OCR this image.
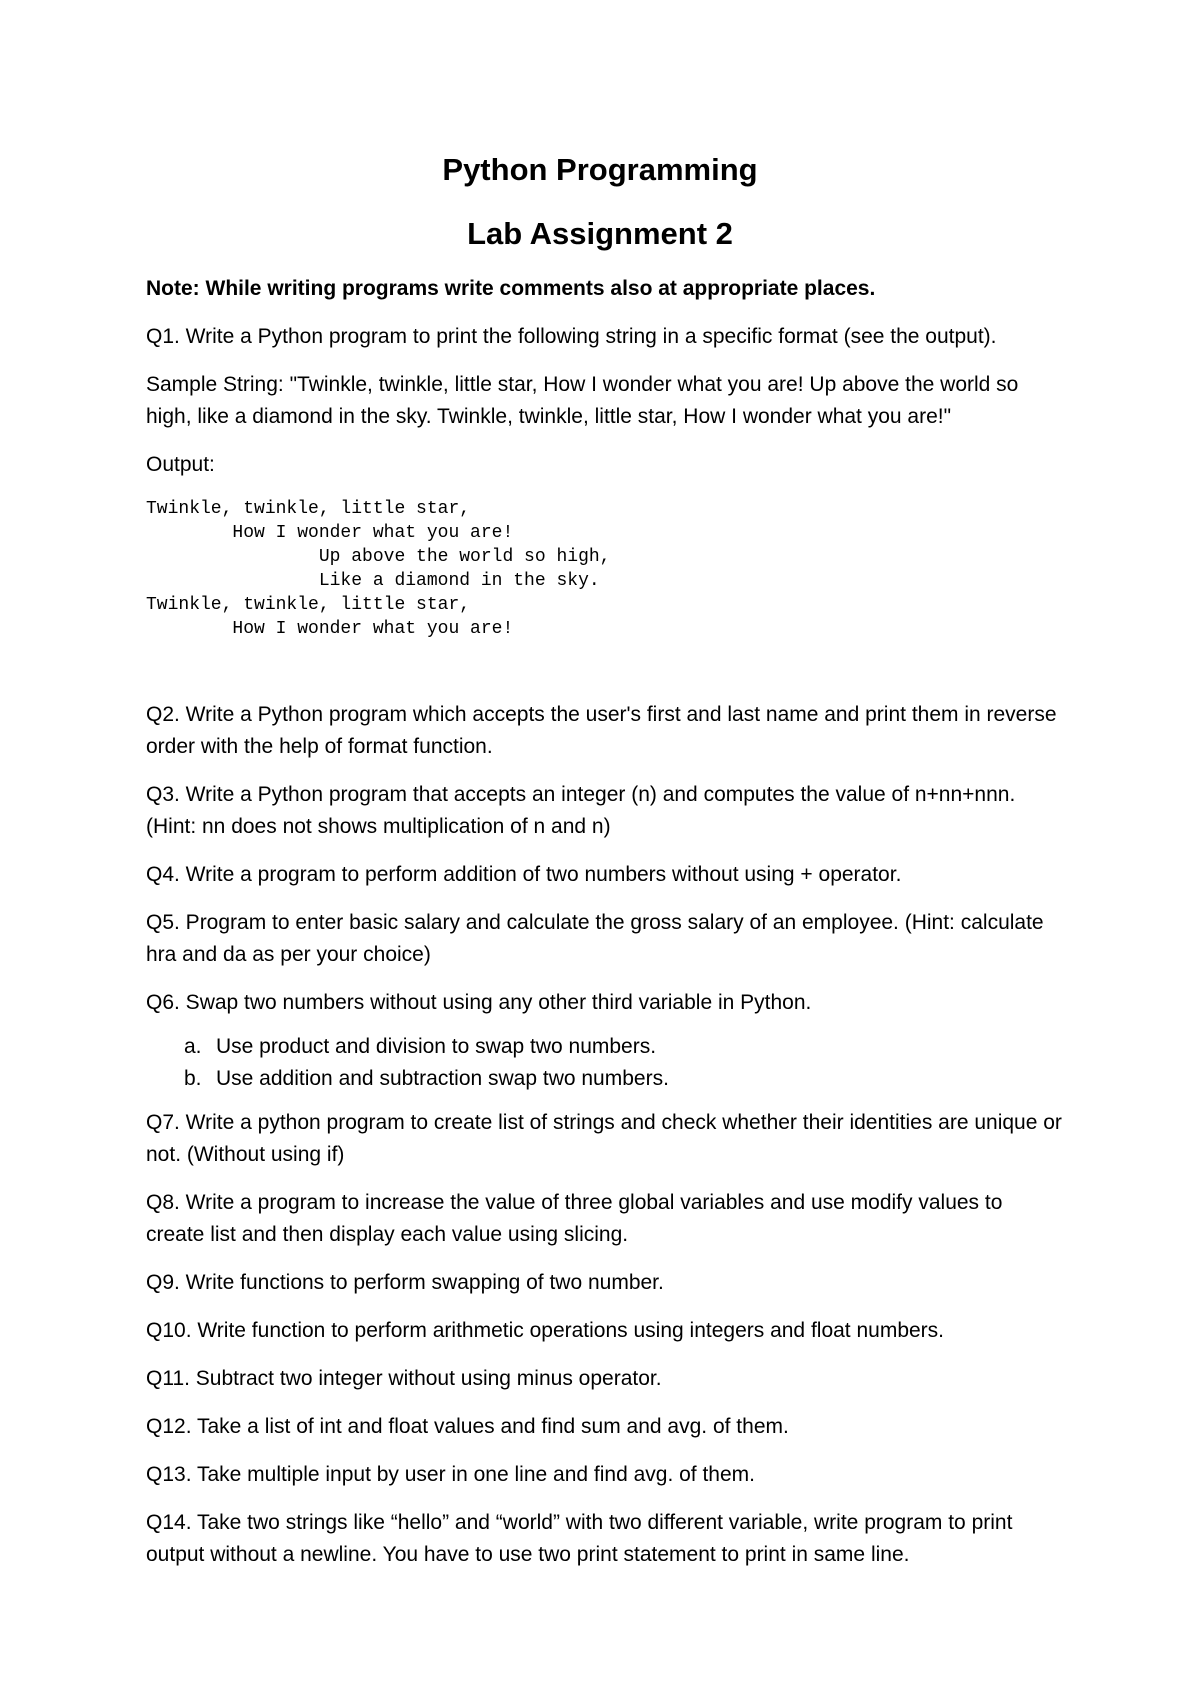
Python Programming
Lab Assignment 2

Note: While writing programs write comments also at appropriate places.

Q1. Write a Python program to print the following string in a specific format (see the output).

Sample String: "Twinkle, twinkle, little star, How I wonder what you are! Up above the world so high, like a diamond in the sky. Twinkle, twinkle, little star, How I wonder what you are!"

Output:

Twinkle, twinkle, little star,
How I wonder what you are!
Up above the world so high,
Like a diamond in the sky.
Twinkle, twinkle, little star,
How I wonder what you are!

Q2. Write a Python program which accepts the user's first and last name and print them in reverse order with the help of format function.

Q3. Write a Python program that accepts an integer (n) and computes the value of n+nn+nnn. (Hint: nn does not shows multiplication of n and n)

Q4. Write a program to perform addition of two numbers without using + operator.

Q5. Program to enter basic salary and calculate the gross salary of an employee. (Hint: calculate hra and da as per your choice)

Q6. Swap two numbers without using any other third variable in Python.

a. Use product and division to swap two numbers.
b. Use addition and subtraction swap two numbers.

Q7. Write a python program to create list of strings and check whether their identities are unique or not. (Without using if)

Q8. Write a program to increase the value of three global variables and use modify values to create list and then display each value using slicing.

Q9. Write functions to perform swapping of two number.

Q10. Write function to perform arithmetic operations using integers and float numbers.

Q11. Subtract two integer without using minus operator.

Q12. Take a list of int and float values and find sum and avg. of them.

Q13. Take multiple input by user in one line and find avg. of them.

Q14. Take two strings like “hello” and “world” with two different variable, write program to print output without a newline. You have to use two print statement to print in same line.
